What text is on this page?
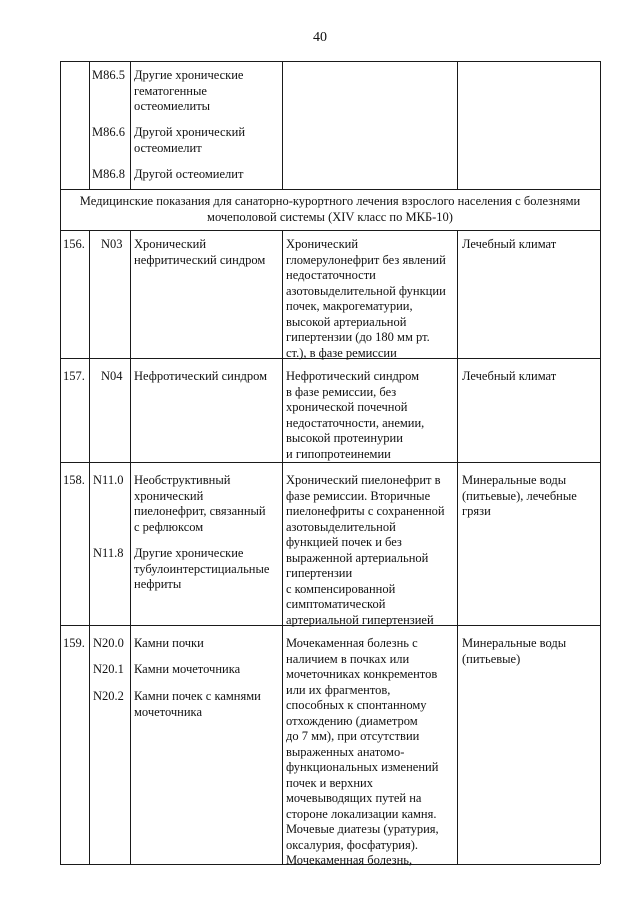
40
M86.5 Другие хронические
гематогенные
остеомиелиты
M86.6 Другой хронический
остеомиелит
M86.8 Другой остеомиелит
Медицинские показания для санаторно-курортного лечения взрослого населения с болезнями
мочеполовой системы (XIV класс по МКБ-10)
156. N03 Хронический
нефритический синдром
Хронический
гломерулонефрит без явлений
недостаточности
азотовыделительной функции
почек, макрогематурии,
высокой артериальной
гипертензии (до 180 мм рт.
ст.), в фазе ремиссии
Лечебный климат
157. N04 Нефротический синдром Нефротический синдром
в фазе ремиссии, без
хронической почечной
недостаточности, анемии,
высокой протеинурии
и гипопротеинемии
Лечебный климат
158. N11.0 Необструктивный
хронический
пиелонефрит, связанный
с рефлюксом
N11.8 Другие хронические
тубулоинтерстициальные
нефриты
Хронический пиелонефрит в
фазе ремиссии. Вторичные
пиелонефриты с сохраненной
азотовыделительной
функцией почек и без
выраженной артериальной
гипертензии
с компенсированной
симптоматической
артериальной гипертензией
Минеральные воды
(питьевые), лечебные
грязи
159. N20.0 Камни почки
N20.1 Камни мочеточника
N20.2 Камни почек с камнями
мочеточника
Мочекаменная болезнь с
наличием в почках или
мочеточниках конкрементов
или их фрагментов,
способных к спонтанному
отхождению (диаметром
до 7 мм), при отсутствии
выраженных анатомо-
функциональных изменений
почек и верхних
мочевыводящих путей на
стороне локализации камня.
Мочевые диатезы (уратурия,
оксалурия, фосфатурия).
Мочекаменная болезнь,
Минеральные воды
(питьевые)
